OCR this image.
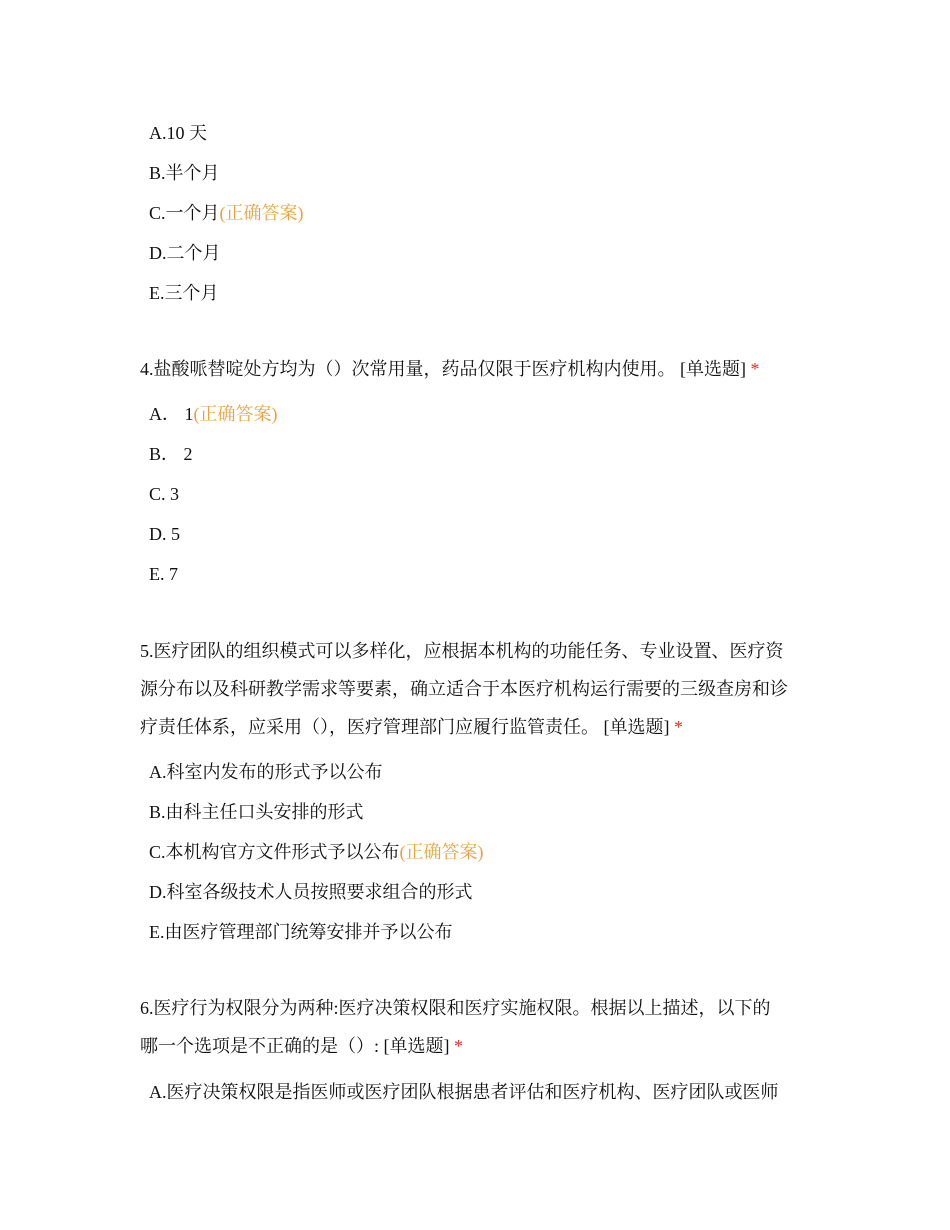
A.10 天
B.半个月
C.一个月(正确答案)
D.二个月
E.三个月
4.盐酸哌替啶处方均为（）次常用量，药品仅限于医疗机构内使用。 [单选题] *
A． 1(正确答案)
B． 2
C. 3
D. 5
E. 7
5.医疗团队的组织模式可以多样化，应根据本机构的功能任务、专业设置、医疗资
源分布以及科研教学需求等要素，确立适合于本医疗机构运行需要的三级查房和诊
疗责任体系，应采用（），医疗管理部门应履行监管责任。 [单选题] *
A.科室内发布的形式予以公布
B.由科主任口头安排的形式
C.本机构官方文件形式予以公布(正确答案)
D.科室各级技术人员按照要求组合的形式
E.由医疗管理部门统筹安排并予以公布
6.医疗行为权限分为两种:医疗决策权限和医疗实施权限。根据以上描述，以下的
哪一个选项是不正确的是（）: [单选题] *
A.医疗决策权限是指医师或医疗团队根据患者评估和医疗机构、医疗团队或医师
